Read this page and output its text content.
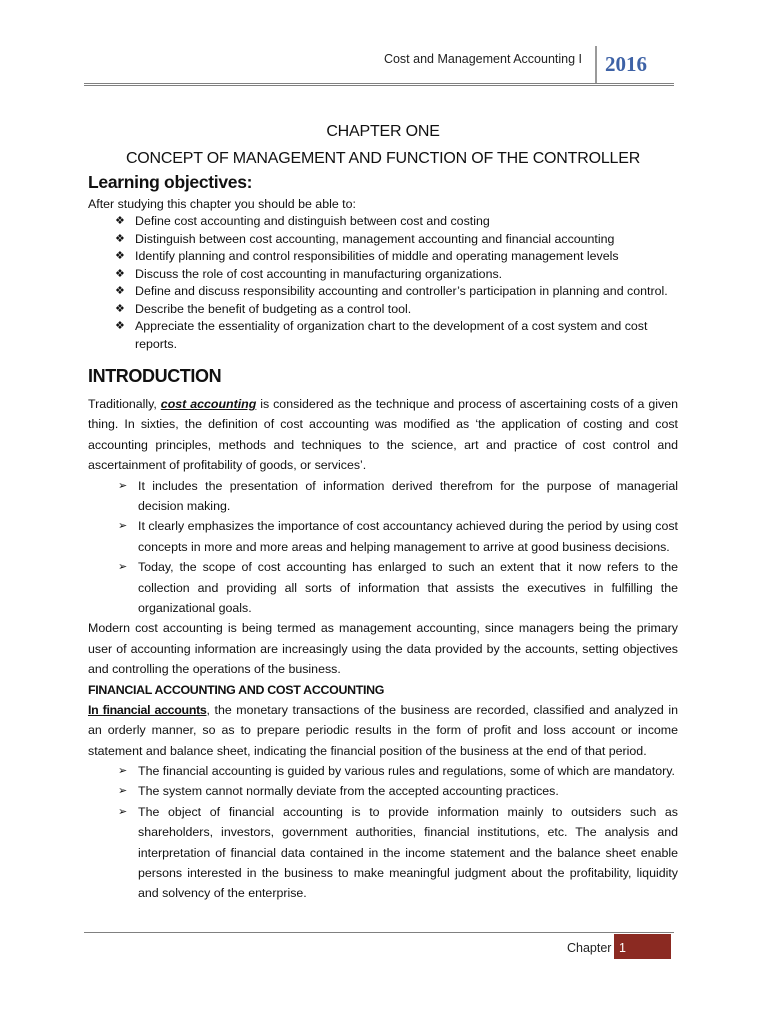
Cost and Management Accounting I 2016
CHAPTER ONE
CONCEPT OF MANAGEMENT AND FUNCTION OF THE CONTROLLER
Learning objectives:

After studying this chapter you should be able to:

❖ Define cost accounting and distinguish between cost and costing
❖ Distinguish between cost accounting, management accounting and financial accounting
❖ Identify planning and control responsibilities of middle and operating management levels
❖ Discuss the role of cost accounting in manufacturing organizations.
❖ Define and discuss responsibility accounting and controller’s participation in planning and control.
❖ Describe the benefit of budgeting as a control tool.
❖ Appreciate the essentiality of organization chart to the development of a cost system and cost reports.
INTRODUCTION

Traditionally, cost accounting is considered as the technique and process of ascertaining costs of a given thing. In sixties, the definition of cost accounting was modified as ‘the application of costing and cost accounting principles, methods and techniques to the science, art and practice of cost control and ascertainment of profitability of goods, or services’.

➢ It includes the presentation of information derived therefrom for the purpose of managerial decision making.
➢ It clearly emphasizes the importance of cost accountancy achieved during the period by using cost concepts in more and more areas and helping management to arrive at good business decisions.
➢ Today, the scope of cost accounting has enlarged to such an extent that it now refers to the collection and providing all sorts of information that assists the executives in fulfilling the organizational goals.

Modern cost accounting is being termed as management accounting, since managers being the primary user of accounting information are increasingly using the data provided by the accounts, setting objectives and controlling the operations of the business.

FINANCIAL ACCOUNTING AND COST ACCOUNTING

In financial accounts, the monetary transactions of the business are recorded, classified and analyzed in an orderly manner, so as to prepare periodic results in the form of profit and loss account or income statement and balance sheet, indicating the financial position of the business at the end of that period.

➢ The financial accounting is guided by various rules and regulations, some of which are mandatory.
➢ The system cannot normally deviate from the accepted accounting practices.
➢ The object of financial accounting is to provide information mainly to outsiders such as shareholders, investors, government authorities, financial institutions, etc. The analysis and interpretation of financial data contained in the income statement and the balance sheet enable persons interested in the business to make meaningful judgment about the profitability, liquidity and solvency of the enterprise.
Chapter 1
